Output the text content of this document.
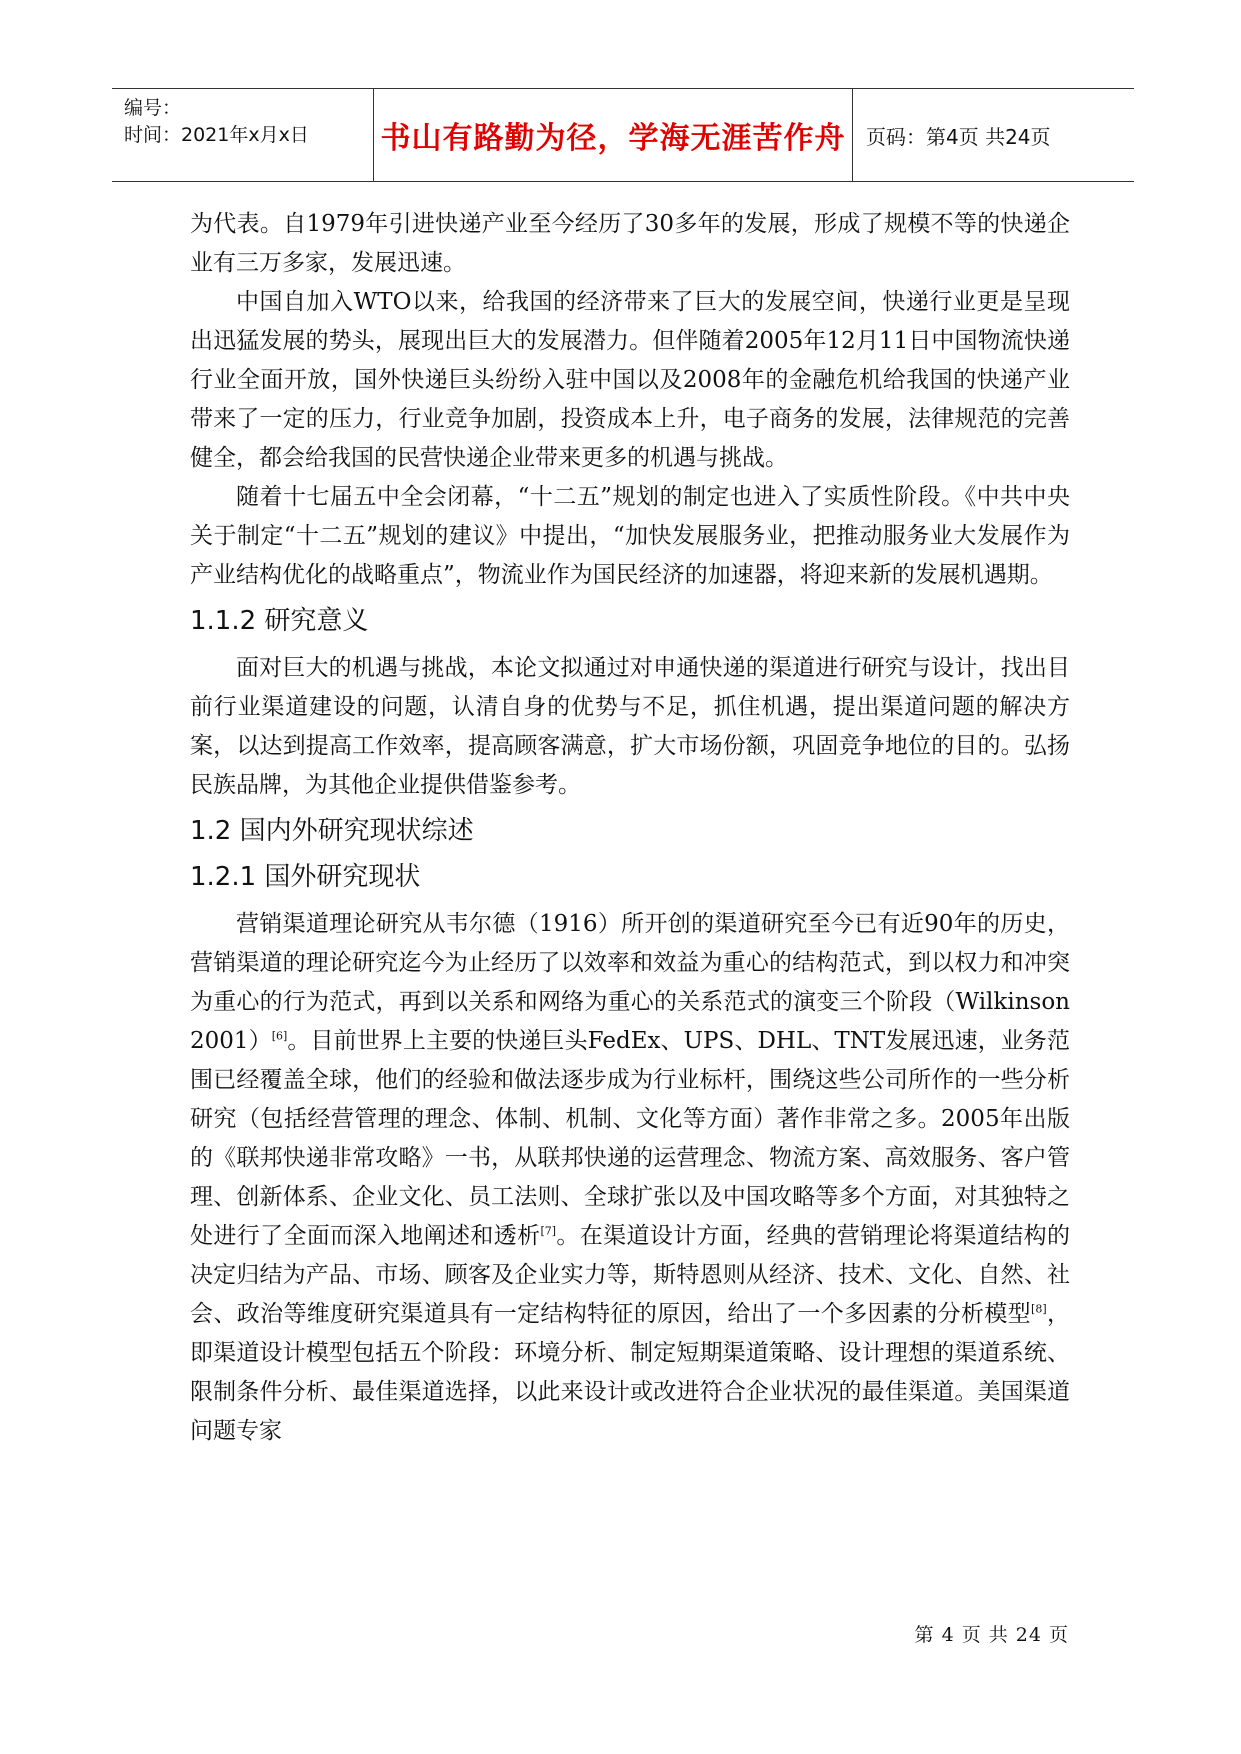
编号：
时间：2021年x月x日	书山有路勤为径，学海无涯苦作舟	页码：第4页 共24页

为代表。自1979年引进快递产业至今经历了30多年的发展，形成了规模不等的快递企业有三万多家，发展迅速。

中国自加入WTO以来，给我国的经济带来了巨大的发展空间，快递行业更是呈现出迅猛发展的势头，展现出巨大的发展潜力。但伴随着2005年12月11日中国物流快递行业全面开放，国外快递巨头纷纷入驻中国以及2008年的金融危机给我国的快递产业带来了一定的压力，行业竞争加剧，投资成本上升，电子商务的发展，法律规范的完善健全，都会给我国的民营快递企业带来更多的机遇与挑战。

随着十七届五中全会闭幕，“十二五”规划的制定也进入了实质性阶段。《中共中央关于制定“十二五”规划的建议》中提出，“加快发展服务业，把推动服务业大发展作为产业结构优化的战略重点”，物流业作为国民经济的加速器，将迎来新的发展机遇期。

1.1.2 研究意义

面对巨大的机遇与挑战，本论文拟通过对申通快递的渠道进行研究与设计，找出目前行业渠道建设的问题，认清自身的优势与不足，抓住机遇，提出渠道问题的解决方案，以达到提高工作效率，提高顾客满意，扩大市场份额，巩固竞争地位的目的。弘扬民族品牌，为其他企业提供借鉴参考。

1.2 国内外研究现状综述
1.2.1 国外研究现状

营销渠道理论研究从韦尔德（1916）所开创的渠道研究至今已有近90年的历史，营销渠道的理论研究迄今为止经历了以效率和效益为重心的结构范式，到以权力和冲突为重心的行为范式，再到以关系和网络为重心的关系范式的演变三个阶段（Wilkinson 2001）[6]。目前世界上主要的快递巨头FedEx、UPS、DHL、TNT发展迅速，业务范围已经覆盖全球，他们的经验和做法逐步成为行业标杆，围绕这些公司所作的一些分析研究（包括经营管理的理念、体制、机制、文化等方面）著作非常之多。2005年出版的《联邦快递非常攻略》一书，从联邦快递的运营理念、物流方案、高效服务、客户管理、创新体系、企业文化、员工法则、全球扩张以及中国攻略等多个方面，对其独特之处进行了全面而深入地阐述和透析[7]。在渠道设计方面，经典的营销理论将渠道结构的决定归结为产品、市场、顾客及企业实力等，斯特恩则从经济、技术、文化、自然、社会、政治等维度研究渠道具有一定结构特征的原因，给出了一个多因素的分析模型[8]，即渠道设计模型包括五个阶段：环境分析、制定短期渠道策略、设计理想的渠道系统、限制条件分析、最佳渠道选择，以此来设计或改进符合企业状况的最佳渠道。美国渠道问题专家

第 4 页 共 24 页
